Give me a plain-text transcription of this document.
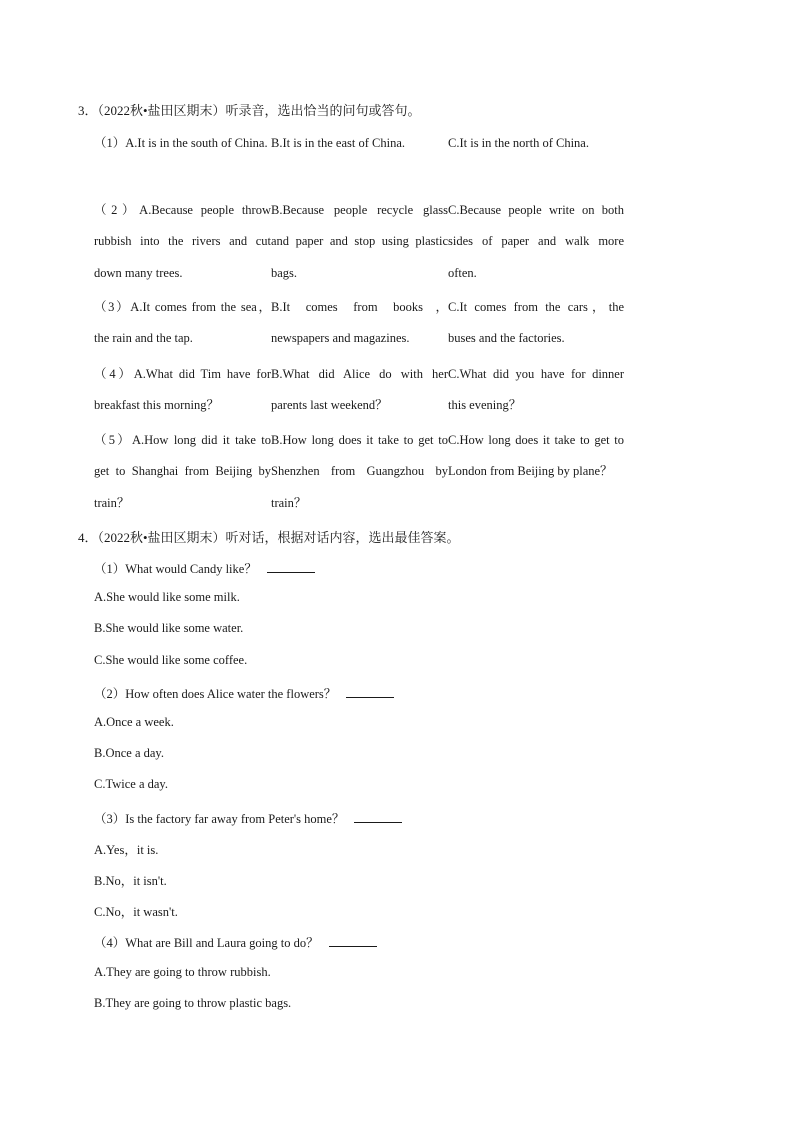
3．（2022秋•盐田区期末）听录音，选出恰当的问句或答句。
（1）A.It is in the south of China. B.It is in the east of China.	C.It is in the north of China.
（2）A.Because people throw rubbish into the rivers and cut down many trees.
B.Because people recycle glass and paper and stop using plastic bags.
C.Because people write on both sides of paper and walk more often.
（3）A.It comes from the sea，the rain and the tap.
B.It comes from books，newspapers and magazines.
C.It comes from the cars，the buses and the factories.
（4）A.What did Tim have for breakfast this morning？
B.What did Alice do with her parents last weekend？
C.What did you have for dinner this evening？
（5）A.How long did it take to get to Shanghai from Beijing by train？
B.How long does it take to get to Shenzhen from Guangzhou by train？
C.How long does it take to get to London from Beijing by plane？
4．（2022秋•盐田区期末）听对话，根据对话内容，选出最佳答案。
（1）What would Candy like？
A.She would like some milk.
B.She would like some water.
C.She would like some coffee.
（2）How often does Alice water the flowers？
A.Once a week.
B.Once a day.
C.Twice a day.
（3）Is the factory far away from Peter's home？
A.Yes，it is.
B.No，it isn't.
C.No，it wasn't.
（4）What are Bill and Laura going to do？
A.They are going to throw rubbish.
B.They are going to throw plastic bags.
